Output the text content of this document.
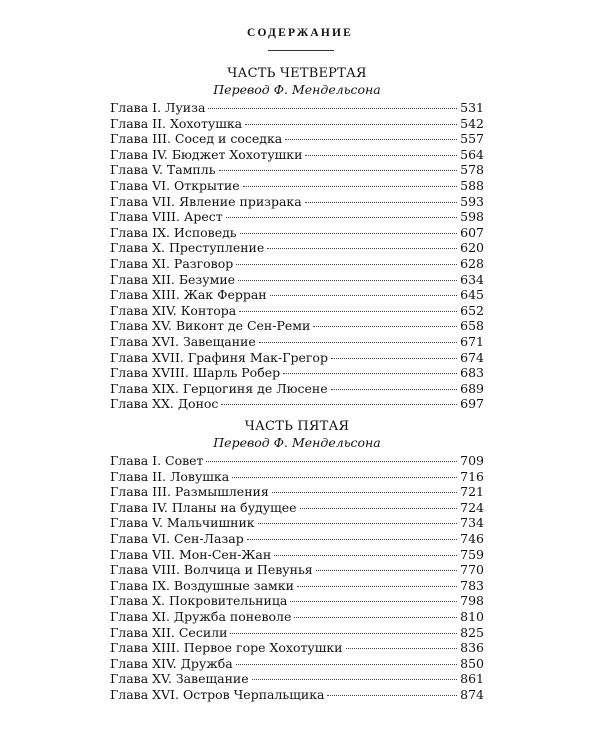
СОДЕРЖАНИЕ
ЧАСТЬ ЧЕТВЕРТАЯ
Перевод Ф. Мендельсона
Глава I. Луиза	531
Глава II. Хохотушка	542
Глава III. Сосед и соседка	557
Глава IV. Бюджет Хохотушки	564
Глава V. Тампль	578
Глава VI. Открытие	588
Глава VII. Явление призрака	593
Глава VIII. Арест	598
Глава IX. Исповедь	607
Глава X. Преступление	620
Глава XI. Разговор	628
Глава XII. Безумие	634
Глава XIII. Жак Ферран	645
Глава XIV. Контора	652
Глава XV. Виконт де Сен-Реми	658
Глава XVI. Завещание	671
Глава XVII. Графиня Мак-Грегор	674
Глава XVIII. Шарль Робер	683
Глава XIX. Герцогиня де Люсене	689
Глава XX. Донос	697
ЧАСТЬ ПЯТАЯ
Перевод Ф. Мендельсона
Глава I. Совет	709
Глава II. Ловушка	716
Глава III. Размышления	721
Глава IV. Планы на будущее	724
Глава V. Мальчишник	734
Глава VI. Сен-Лазар	746
Глава VII. Мон-Сен-Жан	759
Глава VIII. Волчица и Певунья	770
Глава IX. Воздушные замки	783
Глава X. Покровительница	798
Глава XI. Дружба поневоле	810
Глава XII. Сесили	825
Глава XIII. Первое горе Хохотушки	836
Глава XIV. Дружба	850
Глава XV. Завещание	861
Глава XVI. Остров Черпальщика	874
